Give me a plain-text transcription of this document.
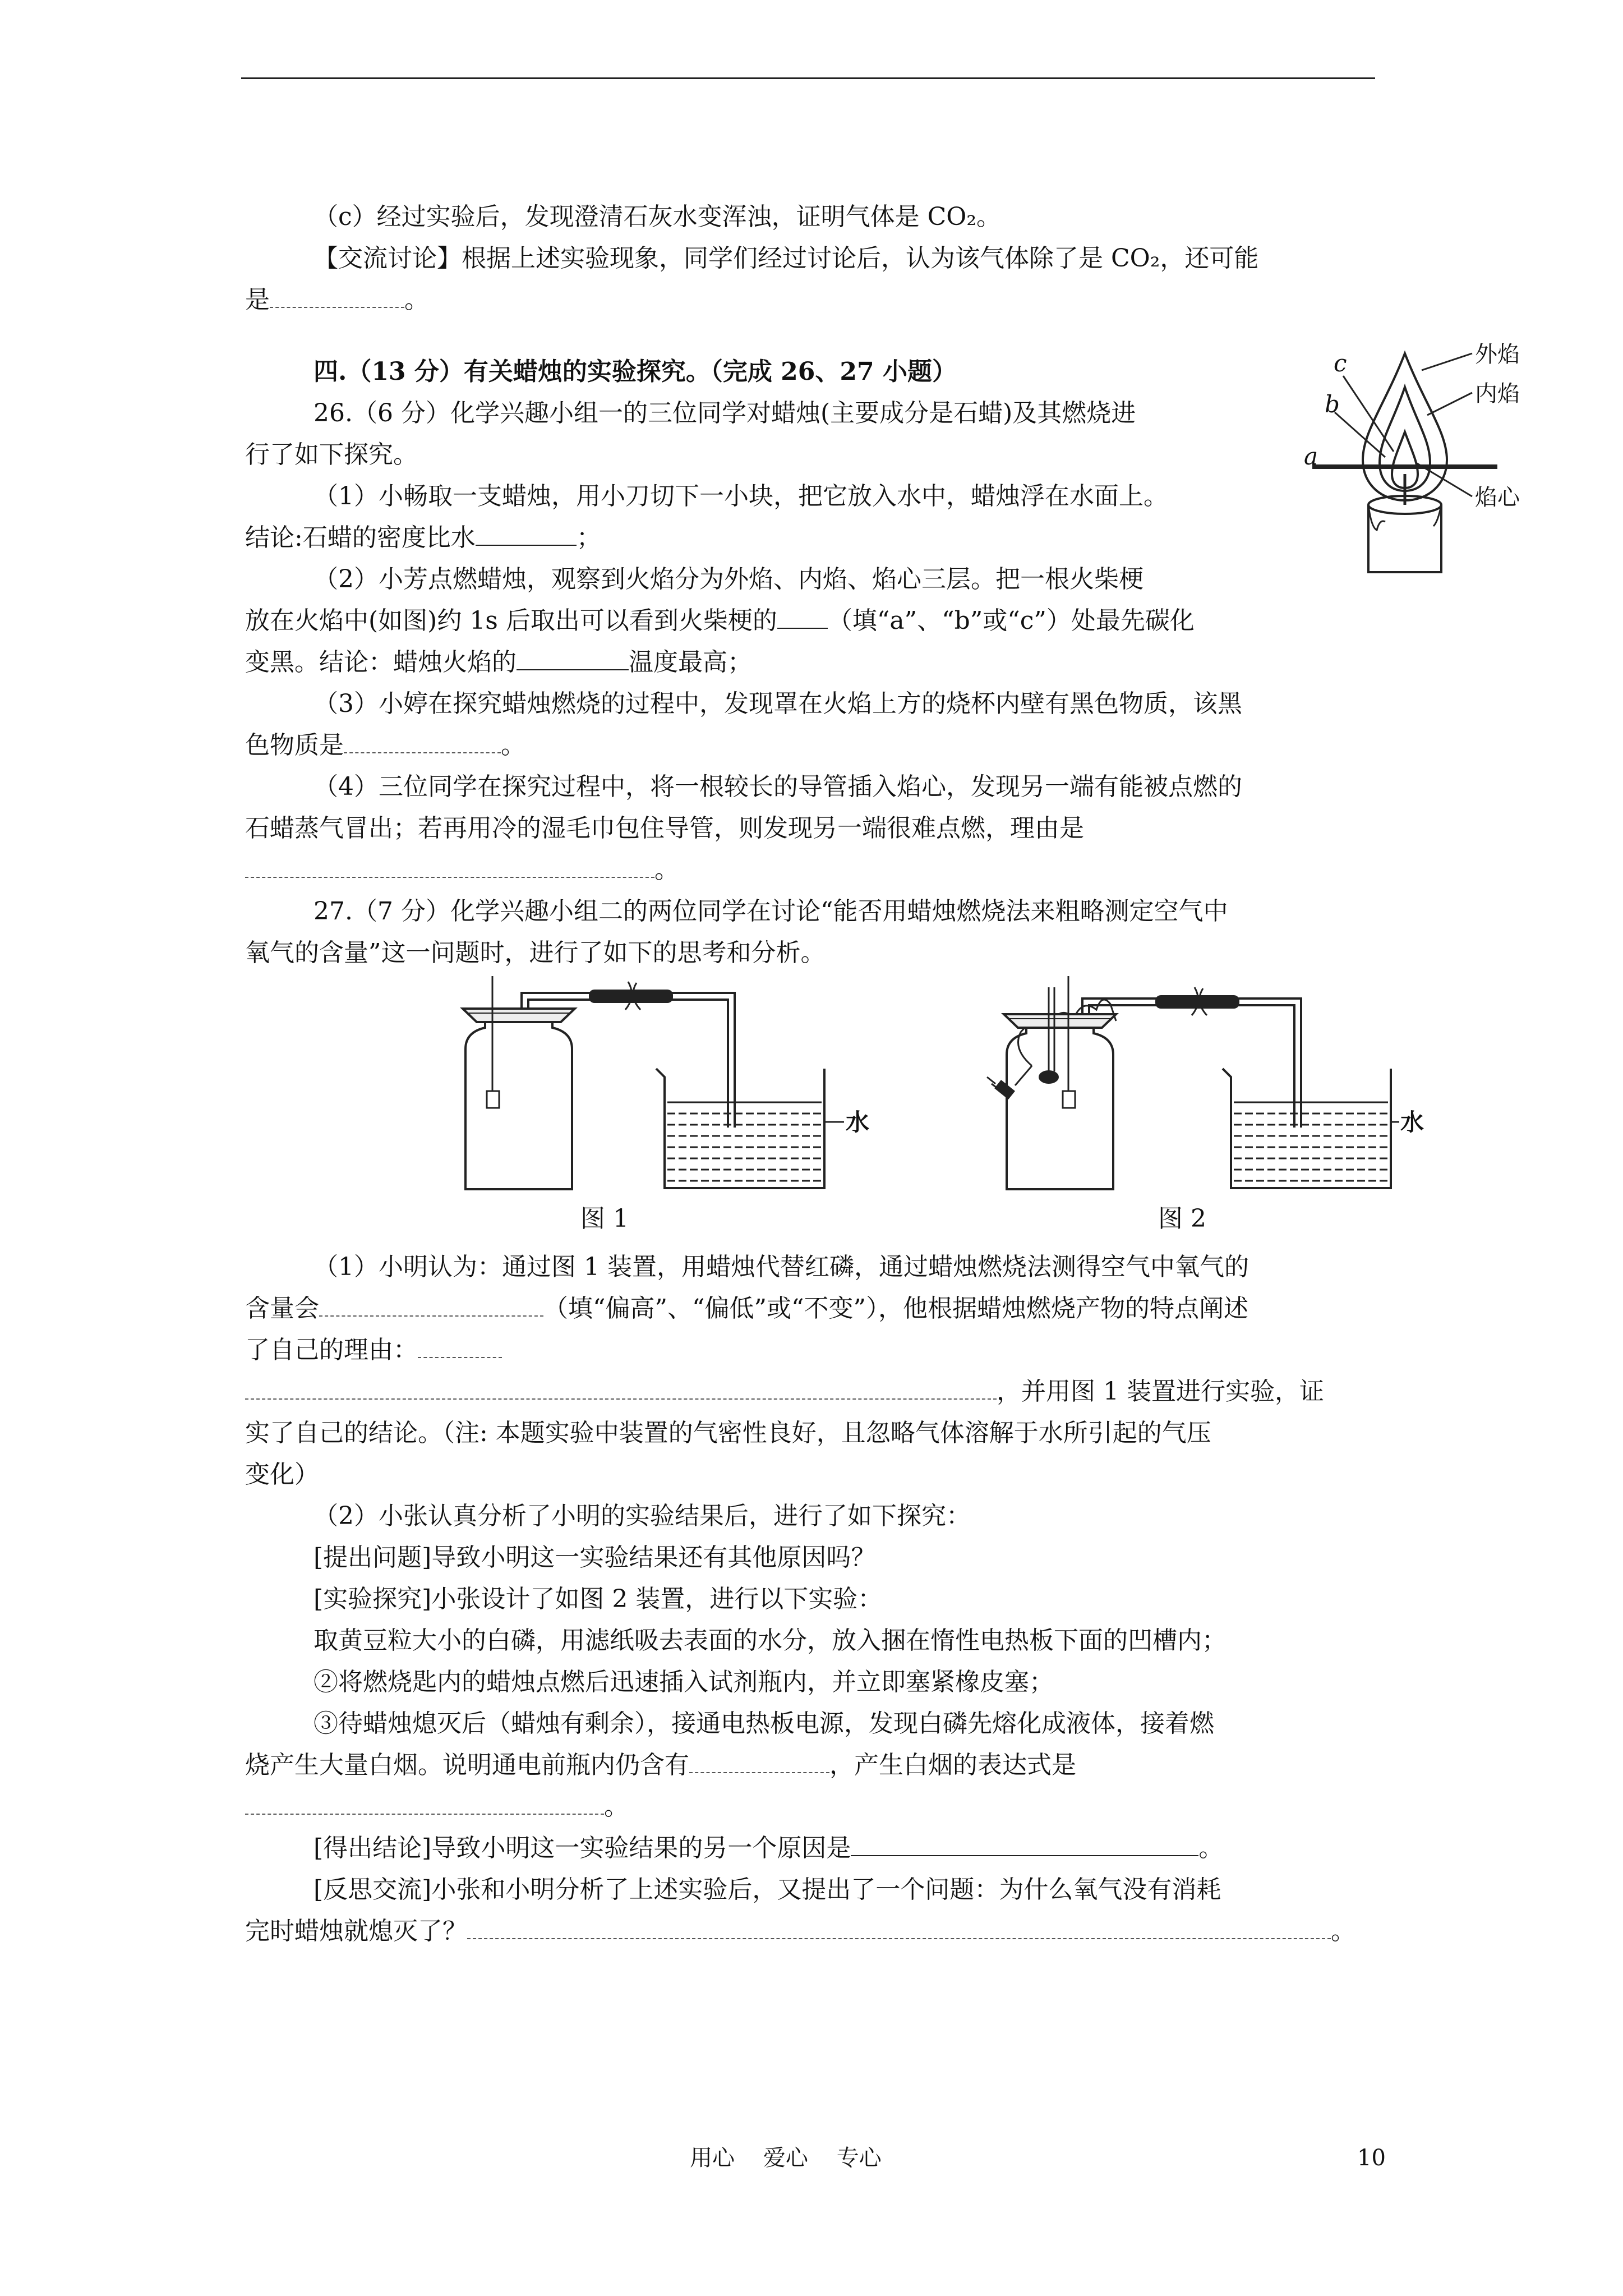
（c）经过实验后，发现澄清石灰水变浑浊，证明气体是 CO₂。
【交流讨论】根据上述实验现象，同学们经过讨论后，认为该气体除了是 CO₂，还可能
是	。
四.（13 分）有关蜡烛的实验探究。（完成 26、27 小题）
26.（6 分）化学兴趣小组一的三位同学对蜡烛(主要成分是石蜡)及其燃烧进
行了如下探究。
（1）小畅取一支蜡烛，用小刀切下一小块，把它放入水中，蜡烛浮在水面上。
结论:石蜡的密度比水	；
（2）小芳点燃蜡烛，观察到火焰分为外焰、内焰、焰心三层。把一根火柴梗
放在火焰中(如图)约 1s 后取出可以看到火柴梗的 （填“a”、“b”或“c”）处最先碳化
变黑。结论：蜡烛火焰的	温度最高；
（3）小婷在探究蜡烛燃烧的过程中，发现罩在火焰上方的烧杯内壁有黑色物质，该黑
色物质是	。
（4）三位同学在探究过程中，将一根较长的导管插入焰心，发现另一端有能被点燃的
石蜡蒸气冒出；若再用冷的湿毛巾包住导管，则发现另一端很难点燃，理由是
。
27.（7 分）化学兴趣小组二的两位同学在讨论“能否用蜡烛燃烧法来粗略测定空气中
氧气的含量”这一问题时，进行了如下的思考和分析。
（1）小明认为：通过图 1 装置，用蜡烛代替红磷，通过蜡烛燃烧法测得空气中氧气的
含量会	（填“偏高”、“偏低”或“不变”），他根据蜡烛燃烧产物的特点阐述
了自己的理由：
，并用图 1 装置进行实验，证
实了自己的结论。（注: 本题实验中装置的气密性良好，且忽略气体溶解于水所引起的气压
变化）
（2）小张认真分析了小明的实验结果后，进行了如下探究：
[提出问题]导致小明这一实验结果还有其他原因吗？
[实验探究]小张设计了如图 2 装置，进行以下实验：
取黄豆粒大小的白磷，用滤纸吸去表面的水分，放入捆在惰性电热板下面的凹槽内；
②将燃烧匙内的蜡烛点燃后迅速插入试剂瓶内，并立即塞紧橡皮塞；
③待蜡烛熄灭后（蜡烛有剩余），接通电热板电源，发现白磷先熔化成液体，接着燃
烧产生大量白烟。说明通电前瓶内仍含有	，产生白烟的表达式是
。
[得出结论]导致小明这一实验结果的另一个原因是	。
[反思交流]小张和小明分析了上述实验后，又提出了一个问题：为什么氧气没有消耗
完时蜡烛就熄灭了？	。
外焰
内焰
焰心
c
b
a
水	水
图 1	图 2
用心    爱心    专心	10
